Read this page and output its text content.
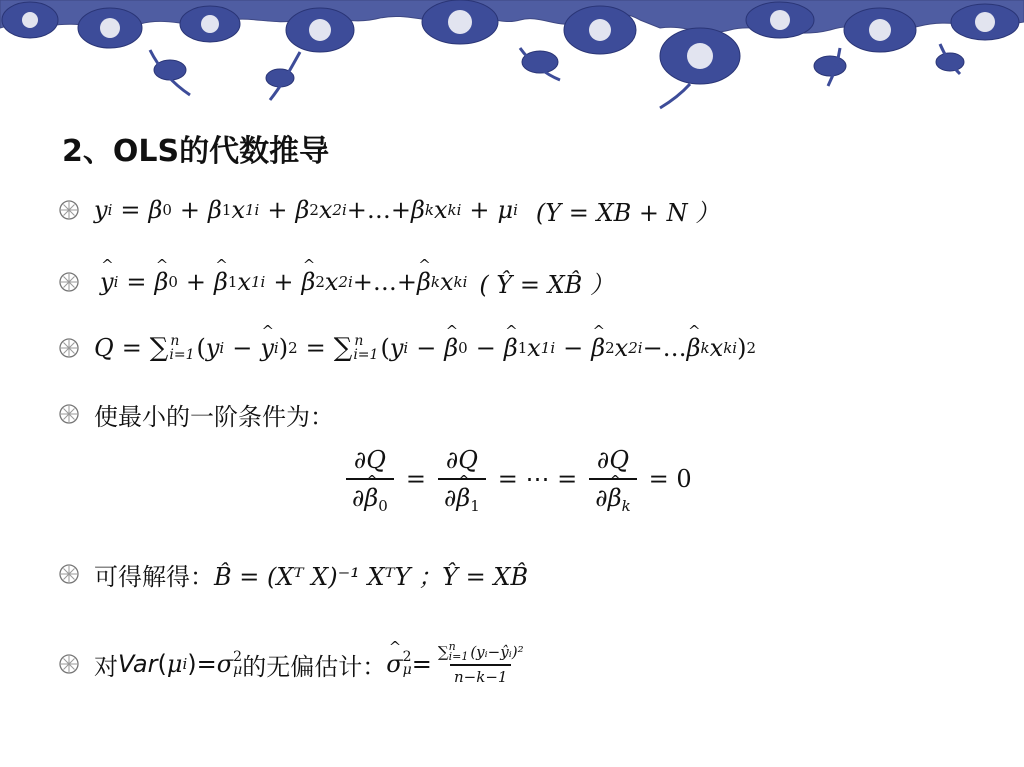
2、OLS的代数推导
y i = β 0 + β 1 x 1i + β 2 x 2i +…+ β k x ki + μ i (Y = XB + N ）
^ y i = ^ β 0 + ^ β 1 x 1i + ^ β 2 x 2i +…+ ^ β k x ki ( Ŷ = XB̂ ）
Q = ∑ n
i=1 ( y i − ^ y i ) 2 = ∑ n
i=1 ( y i − ^ β 0 − ^ β 1 x 1i − ^ β 2 x 2i −… ^ β k x ki ) 2
使最小的一阶条件为：
$\frac{\partial Q}{\partial\^{} \beta_0} = \frac{\partial Q}{\partial\^{} \beta_1}$ = ⋯ = $\frac{\partial Q}{\partial\^{} \beta_k} = 0$
可得解得： B̂ = (Xᵀ X)⁻¹ XᵀY ；Ŷ = XB̂
对 Var ( μ i )= σ 2
μ 的无偏估计： ^ σ 2
μ = ∑ n
i=1 (yᵢ−ŷᵢ)²
n−k−1
